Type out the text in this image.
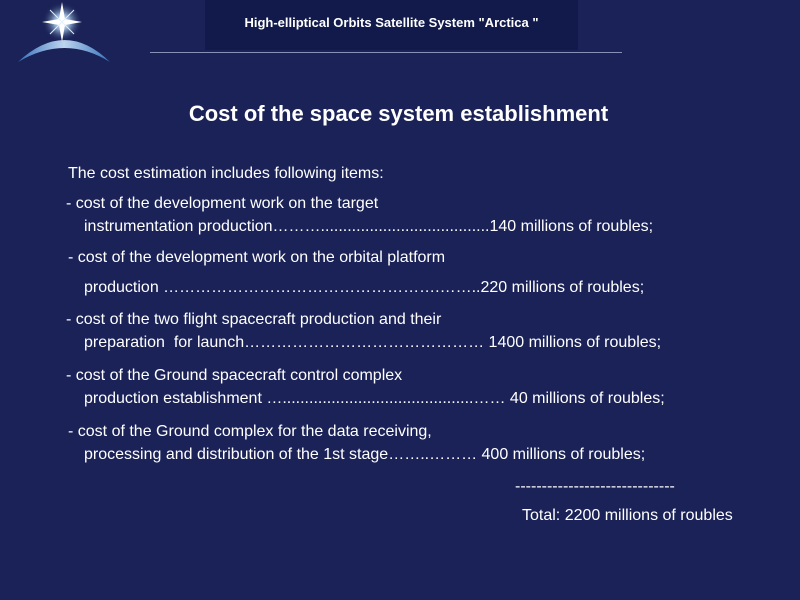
High-elliptical Orbits Satellite System "Arctica "
Cost of the space system establishment
The cost estimation includes following items:
- cost of the development work on the target
instrumentation production………......................................140 millions of roubles;
- cost of the development work on the orbital platform
production …………………………………………….……..220 millions of roubles;
- cost of the two flight spacecraft production and their
preparation  for launch……………………………………… 1400 millions of roubles;
- cost of the Ground spacecraft control complex
production establishment …...........................................…… 40 millions of roubles;
- cost of the Ground complex for the data receiving,
processing and distribution of the 1st stage……..……… 400 millions of roubles;
------------------------------
Total: 2200 millions of roubles
